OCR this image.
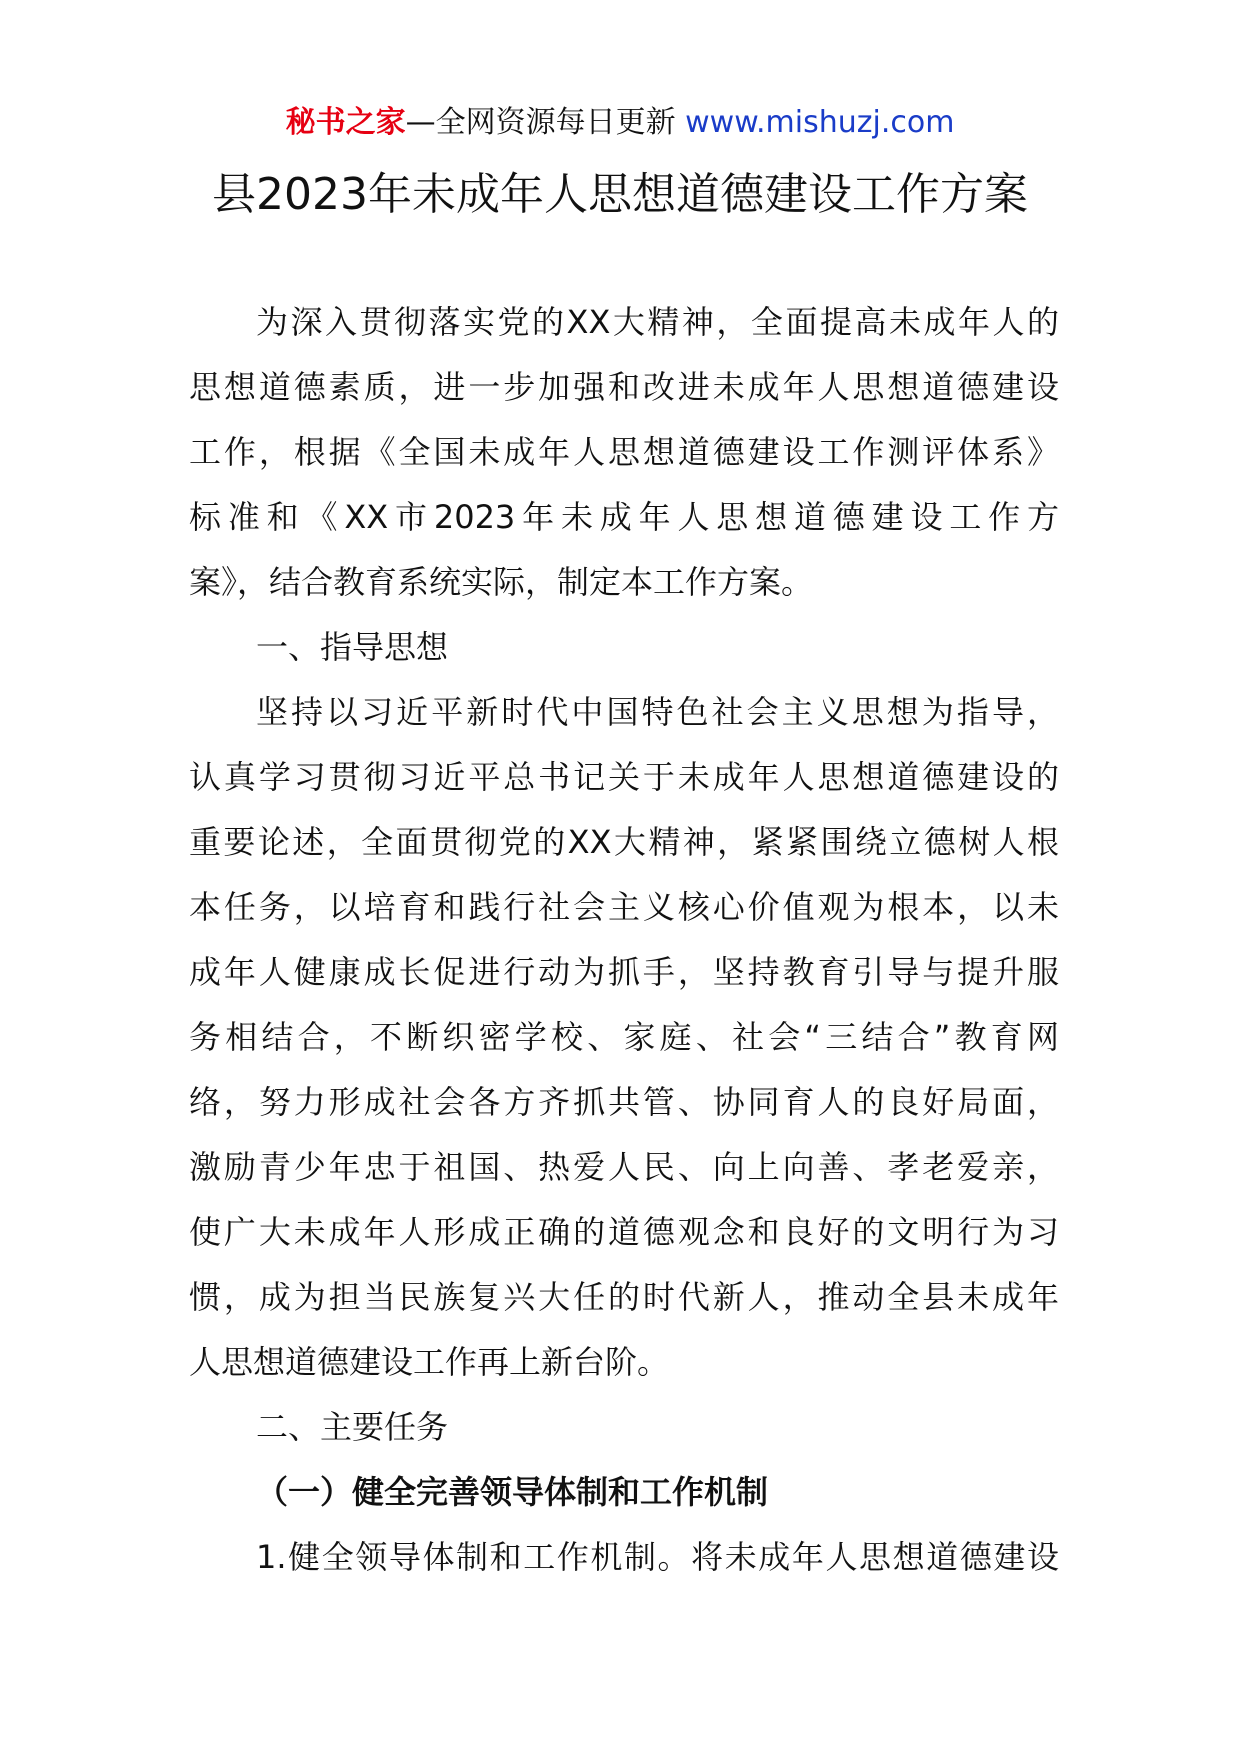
秘书之家—全网资源每日更新 www.mishuzj.com
县2023年未成年人思想道德建设工作方案
为深入贯彻落实党的XX大精神，全面提高未成年人的
思想道德素质，进一步加强和改进未成年人思想道德建设
工作，根据《全国未成年人思想道德建设工作测评体系》
标准和《XX市2023年未成年人思想道德建设工作方
案》，结合教育系统实际，制定本工作方案。
一、指导思想
坚持以习近平新时代中国特色社会主义思想为指导，
认真学习贯彻习近平总书记关于未成年人思想道德建设的
重要论述，全面贯彻党的XX大精神，紧紧围绕立德树人根
本任务，以培育和践行社会主义核心价值观为根本，以未
成年人健康成长促进行动为抓手，坚持教育引导与提升服
务相结合，不断织密学校、家庭、社会“三结合”教育网
络，努力形成社会各方齐抓共管、协同育人的良好局面，
激励青少年忠于祖国、热爱人民、向上向善、孝老爱亲，
使广大未成年人形成正确的道德观念和良好的文明行为习
惯，成为担当民族复兴大任的时代新人，推动全县未成年
人思想道德建设工作再上新台阶。
二、主要任务
（一）健全完善领导体制和工作机制
1.健全领导体制和工作机制。将未成年人思想道德建设
